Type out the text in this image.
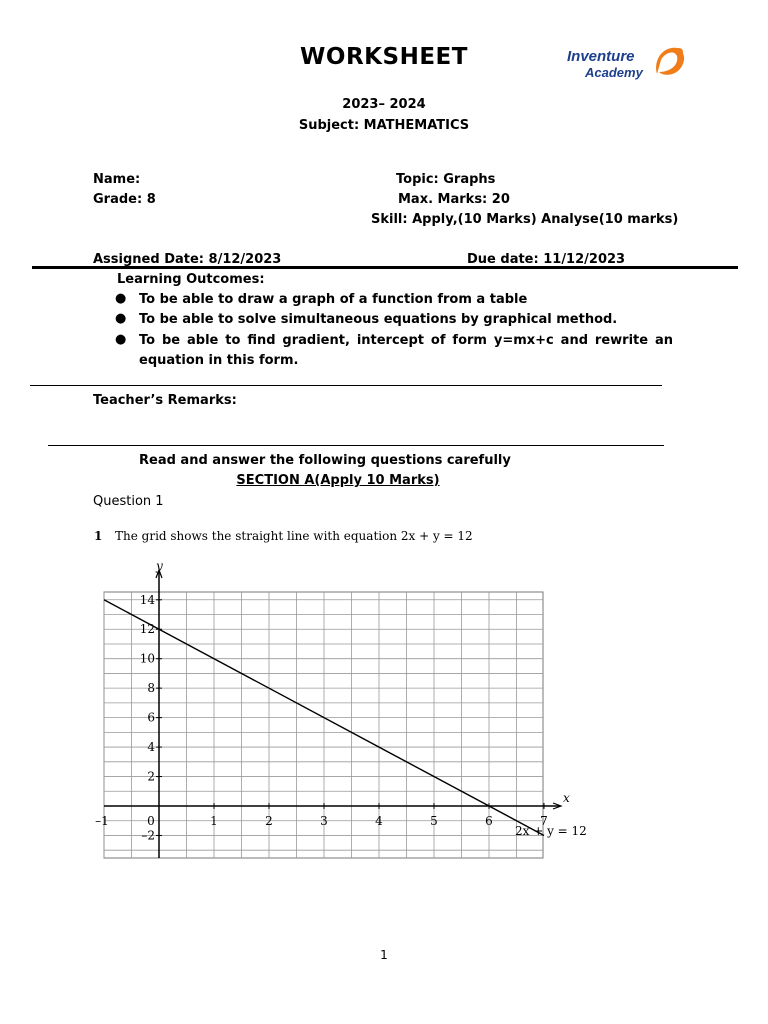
WORKSHEET	Inventure
Academy
2023– 2024
Subject: MATHEMATICS
Name:	Topic: Graphs
Grade: 8	Max. Marks: 20
Skill: Apply,(10 Marks) Analyse(10 marks)
Assigned Date: 8/12/2023	Due date: 11/12/2023
Learning Outcomes:
● To be able to draw a graph of a function from a table
● To be able to solve simultaneous equations by graphical method.
● To be able to find gradient, intercept of form y=mx+c and rewrite an
equation in this form.
Teacher’s Remarks:
Read and answer the following questions carefully
SECTION A(Apply 10 Marks)
Question 1
1 The grid shows the straight line with equation 2x + y = 12
x
y
–1	0	1	2	3	4	5	6	7
–2
2
4
6
8
10
12
14
2x + y = 12
1
